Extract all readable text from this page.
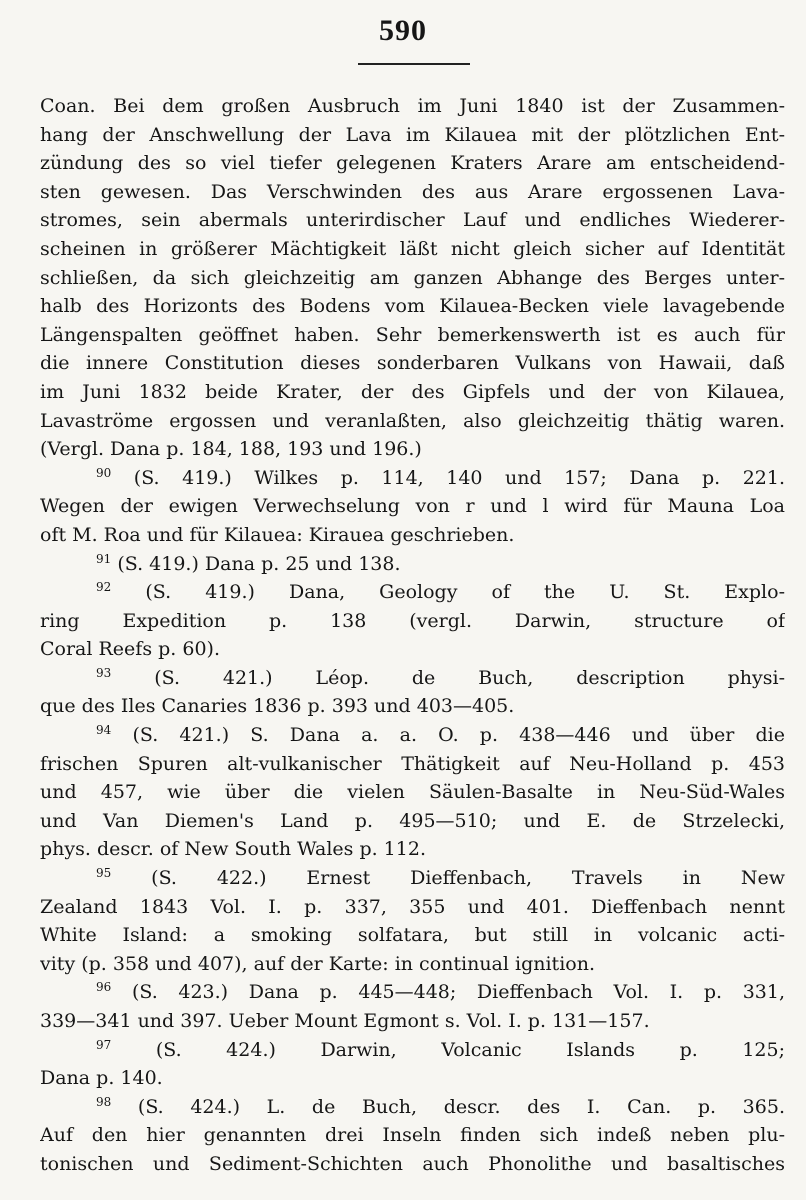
590
Coan. Bei dem großen Ausbruch im Juni 1840 ist der Zusammen-
hang der Anschwellung der Lava im Kilauea mit der plötzlichen Ent-
zündung des so viel tiefer gelegenen Kraters Arare am entscheidend-
sten gewesen. Das Verschwinden des aus Arare ergossenen Lava-
stromes, sein abermals unterirdischer Lauf und endliches Wiederer-
scheinen in größerer Mächtigkeit läßt nicht gleich sicher auf Identität
schließen, da sich gleichzeitig am ganzen Abhange des Berges unter-
halb des Horizonts des Bodens vom Kilauea-Becken viele lavagebende
Längenspalten geöffnet haben. Sehr bemerkenswerth ist es auch für
die innere Constitution dieses sonderbaren Vulkans von Hawaii, daß
im Juni 1832 beide Krater, der des Gipfels und der von Kilauea,
Lavaströme ergossen und veranlaßten, also gleichzeitig thätig waren.
(Vergl. Dana p. 184, 188, 193 und 196.)
$^{90}$ (S. 419.) Wilkes p. 114, 140 und 157; Dana p. 221.
Wegen der ewigen Verwechselung von r und l wird für Mauna Loa
oft M. Roa und für Kilauea: Kirauea geschrieben.
$^{91}$ (S. 419.) Dana p. 25 und 138.
$^{92}$ (S. 419.) Dana, Geology of the U. St. Explo-
ring Expedition p. 138 (vergl. Darwin, structure of
Coral Reefs p. 60).
$^{93}$ (S. 421.) Léop. de Buch, description physi-
que des Iles Canaries 1836 p. 393 und 403—405.
$^{94}$ (S. 421.) S. Dana a. a. O. p. 438—446 und über die
frischen Spuren alt-vulkanischer Thätigkeit auf Neu-Holland p. 453
und 457, wie über die vielen Säulen-Basalte in Neu-Süd-Wales
und Van Diemen's Land p. 495—510; und E. de Strzelecki,
phys. descr. of New South Wales p. 112.
$^{95}$ (S. 422.) Ernest Dieffenbach, Travels in New
Zealand 1843 Vol. I. p. 337, 355 und 401. Dieffenbach nennt
White Island: a smoking solfatara, but still in volcanic acti-
vity (p. 358 und 407), auf der Karte: in continual ignition.
$^{96}$ (S. 423.) Dana p. 445—448; Dieffenbach Vol. I. p. 331,
339—341 und 397. Ueber Mount Egmont s. Vol. I. p. 131—157.
$^{97}$ (S. 424.) Darwin, Volcanic Islands p. 125;
Dana p. 140.
$^{98}$ (S. 424.) L. de Buch, descr. des I. Can. p. 365.
Auf den hier genannten drei Inseln finden sich indeß neben plu-
tonischen und Sediment-Schichten auch Phonolithe und basaltisches
